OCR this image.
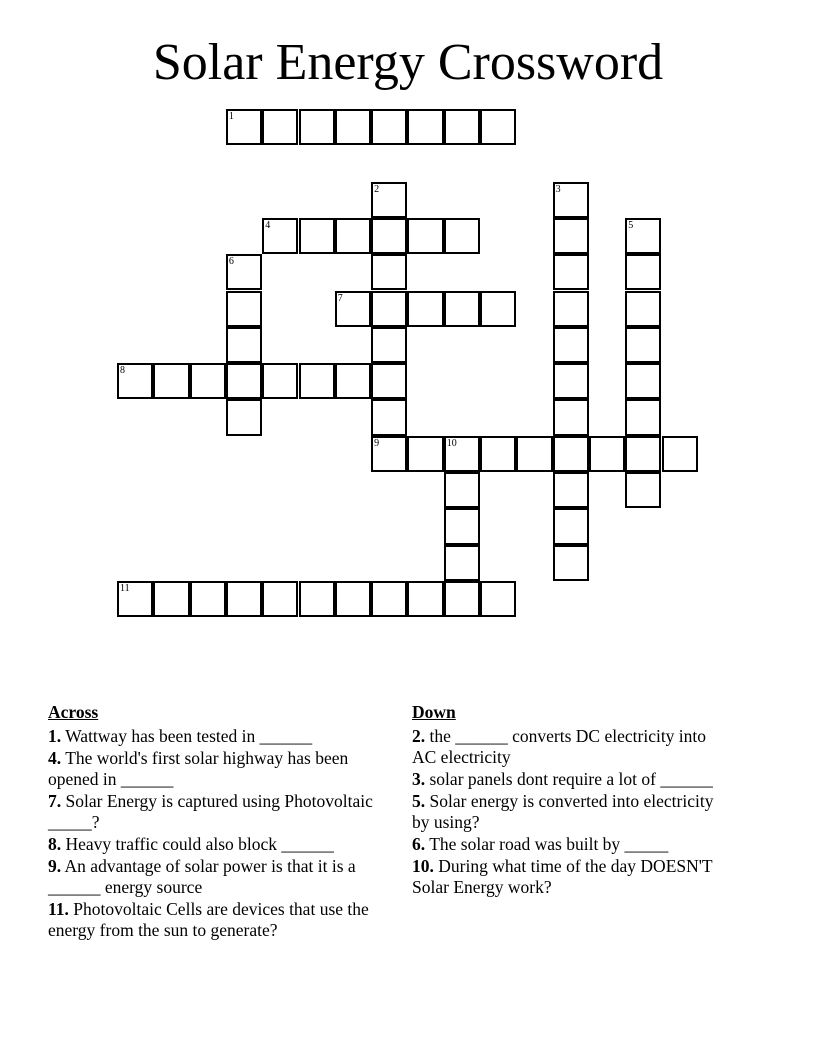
Solar Energy Crossword
1
2
9
3
4	5
6
7
8
10
11
Across
1. Wattway has been tested in ______
4. The world's first solar highway has been opened in ______
7. Solar Energy is captured using Photovoltaic _____?
8. Heavy traffic could also block ______
9. An advantage of solar power is that it is a ______ energy source
11. Photovoltaic Cells are devices that use the energy from the sun to generate?
Down
2. the ______ converts DC electricity into AC electricity
3. solar panels dont require a lot of ______
5. Solar energy is converted into electricity by using?
6. The solar road was built by _____
10. During what time of the day DOESN'T Solar Energy work?
